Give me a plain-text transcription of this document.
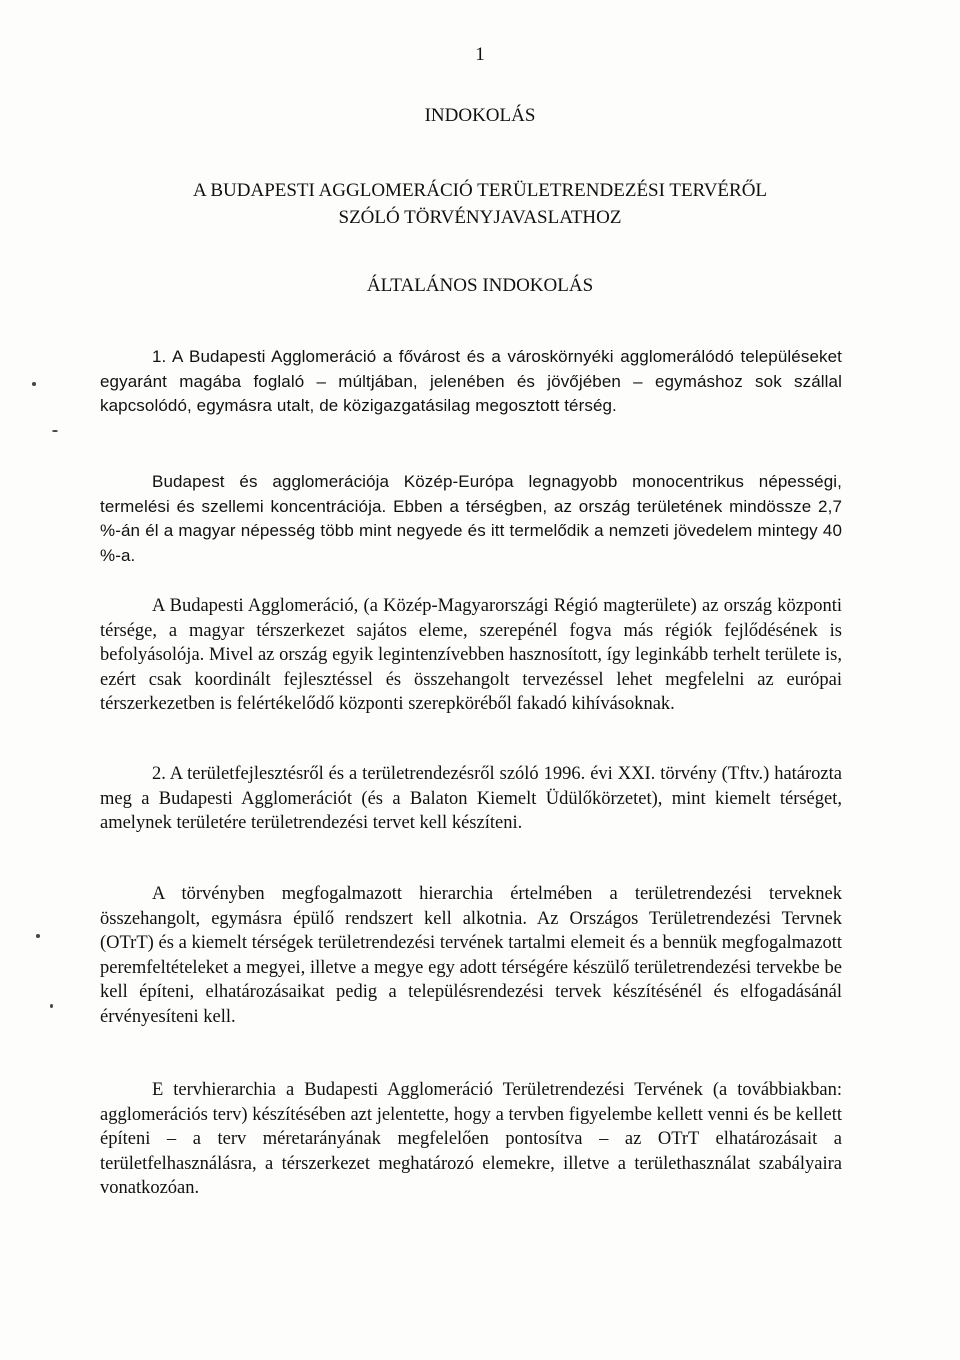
1
INDOKOLÁS
A BUDAPESTI AGGLOMERÁCIÓ TERÜLETRENDEZÉSI TERVÉRŐL
SZÓLÓ TÖRVÉNYJAVASLATHOZ
ÁLTALÁNOS INDOKOLÁS

1. A Budapesti Agglomeráció a fővárost és a városkörnyéki agglomerálódó településeket egyaránt magába foglaló – múltjában, jelenében és jövőjében – egymáshoz sok szállal kapcsolódó, egymásra utalt, de közigazgatásilag megosztott térség.

Budapest és agglomerációja Közép-Európa legnagyobb monocentrikus népességi, termelési és szellemi koncentrációja. Ebben a térségben, az ország területének mindössze 2,7 %-án él a magyar népesség több mint negyede és itt termelődik a nemzeti jövedelem mintegy 40 %-a.

A Budapesti Agglomeráció, (a Közép-Magyarországi Régió magterülete) az ország központi térsége, a magyar térszerkezet sajátos eleme, szerepénél fogva más régiók fejlődésének is befolyásolója. Mivel az ország egyik legintenzívebben hasznosított, így leginkább terhelt területe is, ezért csak koordinált fejlesztéssel és összehangolt tervezéssel lehet megfelelni az európai térszerkezetben is felértékelődő központi szerepköréből fakadó kihívásoknak.

2. A területfejlesztésről és a területrendezésről szóló 1996. évi XXI. törvény (Tftv.) határozta meg a Budapesti Agglomerációt (és a Balaton Kiemelt Üdülőkörzetet), mint kiemelt térséget, amelynek területére területrendezési tervet kell készíteni.

A törvényben megfogalmazott hierarchia értelmében a területrendezési terveknek összehangolt, egymásra épülő rendszert kell alkotnia. Az Országos Területrendezési Tervnek (OTrT) és a kiemelt térségek területrendezési tervének tartalmi elemeit és a bennük megfogalmazott peremfeltételeket a megyei, illetve a megye egy adott térségére készülő területrendezési tervekbe be kell építeni, elhatározásaikat pedig a településrendezési tervek készítésénél és elfogadásánál érvényesíteni kell.

E tervhierarchia a Budapesti Agglomeráció Területrendezési Tervének (a továbbiakban: agglomerációs terv) készítésében azt jelentette, hogy a tervben figyelembe kellett venni és be kellett építeni – a terv méretarányának megfelelően pontosítva – az OTrT elhatározásait a területfelhasználásra, a térszerkezet meghatározó elemekre, illetve a területhasználat szabályaira vonatkozóan.
